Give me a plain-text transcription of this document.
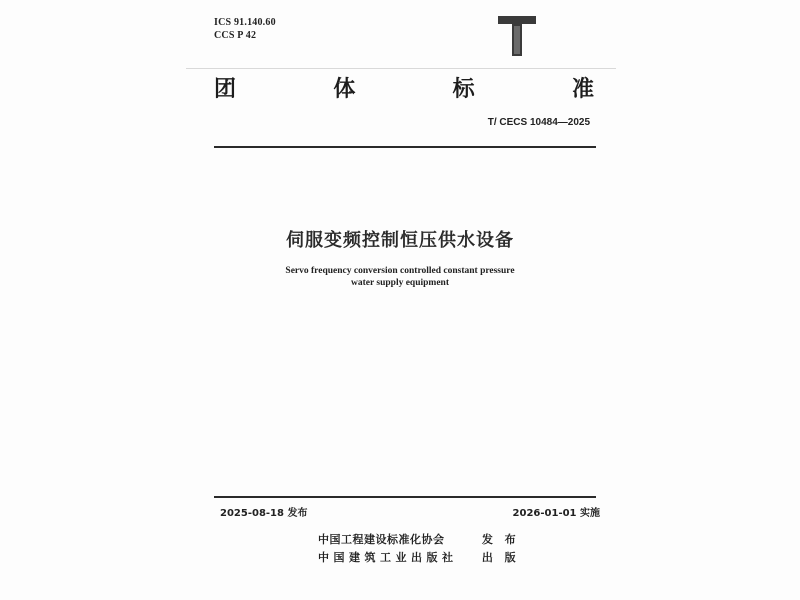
ICS 91.140.60
CCS P 42
团	体	标	准
T/ CECS 10484—2025
伺服变频控制恒压供水设备
Servo frequency conversion controlled constant pressure
water supply equipment
2025-08-18 发布	2026-01-01 实施
中国工程建设标准化协会	发 布
中国建筑工业出版社 出 版
